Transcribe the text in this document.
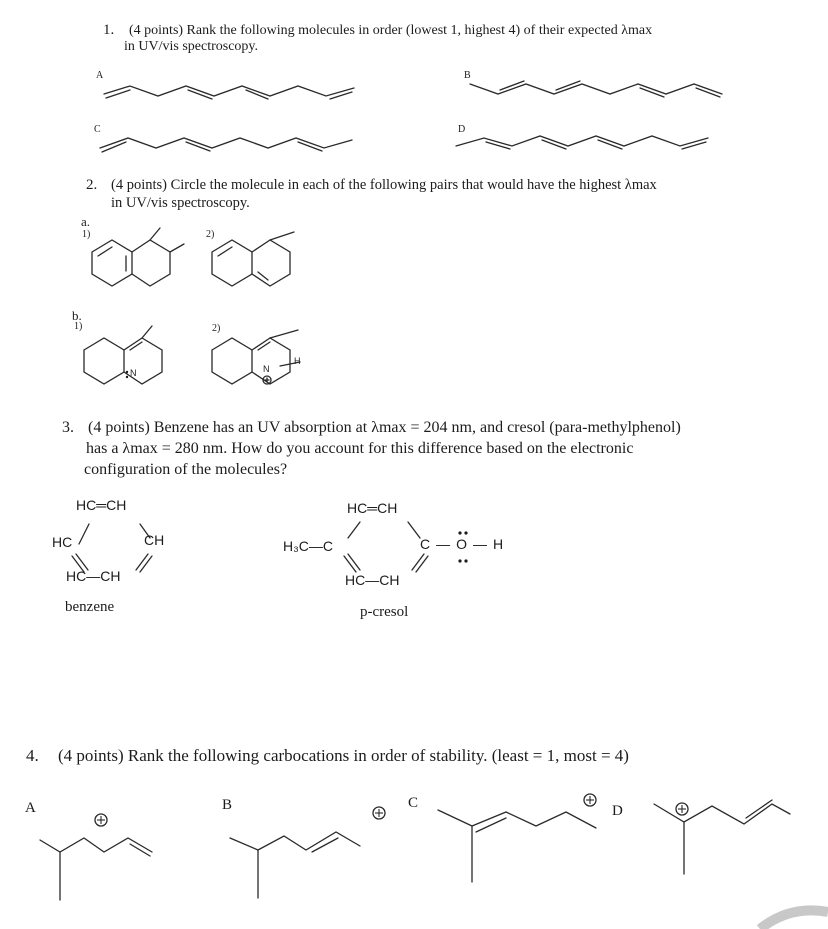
1. (4 points) Rank the following molecules in order (lowest 1, highest 4) of their expected λmax
in UV/vis spectroscopy.
A	B
C	D
2. (4 points) Circle the molecule in each of the following pairs that would have the highest λmax
in UV/vis spectroscopy.
a.
1)	2)
b.
1)	2)
N	N
H
3. (4 points) Benzene has an UV absorption at λmax = 204 nm, and cresol (para-methylphenol)
has a λmax = 280 nm. How do you account for this difference based on the electronic
configuration of the molecules?
HC═CH
HC	CH
HC—CH
benzene
HC═CH
H₃C—C	C—O—H
HC—CH
p-cresol
4. (4 points) Rank the following carbocations in order of stability. (least = 1, most = 4)
A	B	C	D
